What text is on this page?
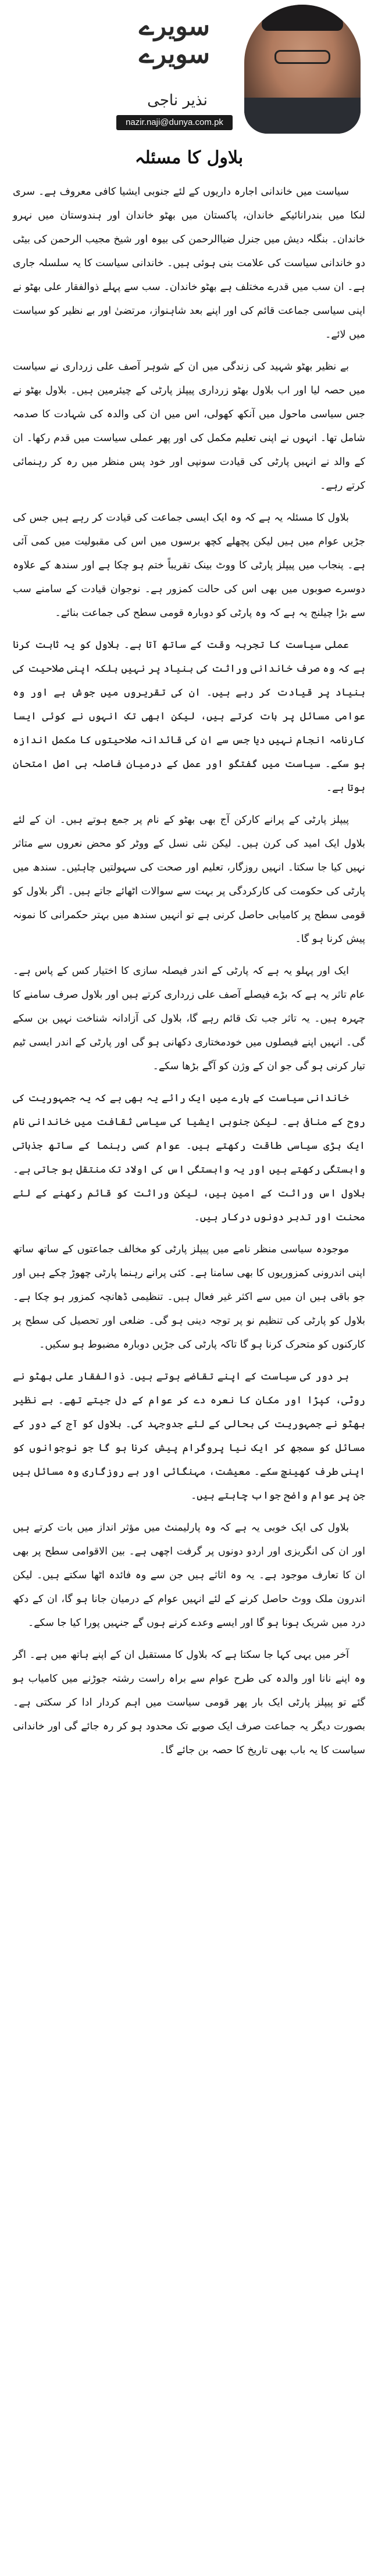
سویرے
سویرے
نذیر ناجی
nazir.naji@dunya.com.pk
بلاول کا مسئلہ

سیاست میں خاندانی اجارہ داریوں کے لئے جنوبی ایشیا کافی معروف ہے۔ سری لنکا میں بندرانائیکے خاندان، پاکستان میں بھٹو خاندان اور ہندوستان میں نہرو خاندان۔ بنگلہ دیش میں جنرل ضیاالرحمن کی بیوہ اور شیخ مجیب الرحمن کی بیٹی دو خاندانی سیاست کی علامت بنی ہوئی ہیں۔ خاندانی سیاست کا یہ سلسلہ جاری ہے۔ ان سب میں قدرے مختلف ہے بھٹو خاندان۔ سب سے پہلے ذوالفقار علی بھٹو نے اپنی سیاسی جماعت قائم کی اور اپنے بعد شاہنواز، مرتضیٰ اور بے نظیر کو سیاست میں لائے۔

بے نظیر بھٹو شہید کی زندگی میں ان کے شوہر آصف علی زرداری نے سیاست میں حصہ لیا اور اب بلاول بھٹو زرداری پیپلز پارٹی کے چیئرمین ہیں۔ بلاول بھٹو نے جس سیاسی ماحول میں آنکھ کھولی، اس میں ان کی والدہ کی شہادت کا صدمہ شامل تھا۔ انہوں نے اپنی تعلیم مکمل کی اور پھر عملی سیاست میں قدم رکھا۔ ان کے والد نے انہیں پارٹی کی قیادت سونپی اور خود پس منظر میں رہ کر رہنمائی کرتے رہے۔

بلاول کا مسئلہ یہ ہے کہ وہ ایک ایسی جماعت کی قیادت کر رہے ہیں جس کی جڑیں عوام میں ہیں لیکن پچھلے کچھ برسوں میں اس کی مقبولیت میں کمی آئی ہے۔ پنجاب میں پیپلز پارٹی کا ووٹ بینک تقریباً ختم ہو چکا ہے اور سندھ کے علاوہ دوسرے صوبوں میں بھی اس کی حالت کمزور ہے۔ نوجوان قیادت کے سامنے سب سے بڑا چیلنج یہ ہے کہ وہ پارٹی کو دوبارہ قومی سطح کی جماعت بنائے۔

عملی سیاست کا تجربہ وقت کے ساتھ آتا ہے۔ بلاول کو یہ ثابت کرنا ہے کہ وہ صرف خاندانی وراثت کی بنیاد پر نہیں بلکہ اپنی صلاحیت کی بنیاد پر قیادت کر رہے ہیں۔ ان کی تقریروں میں جوش ہے اور وہ عوامی مسائل پر بات کرتے ہیں، لیکن ابھی تک انہوں نے کوئی ایسا کارنامہ انجام نہیں دیا جس سے ان کی قائدانہ صلاحیتوں کا مکمل اندازہ ہو سکے۔ سیاست میں گفتگو اور عمل کے درمیان فاصلہ ہی اصل امتحان ہوتا ہے۔

پیپلز پارٹی کے پرانے کارکن آج بھی بھٹو کے نام پر جمع ہوتے ہیں۔ ان کے لئے بلاول ایک امید کی کرن ہیں۔ لیکن نئی نسل کے ووٹر کو محض نعروں سے متاثر نہیں کیا جا سکتا۔ انہیں روزگار، تعلیم اور صحت کی سہولتیں چاہئیں۔ سندھ میں پارٹی کی حکومت کی کارکردگی پر بہت سے سوالات اٹھائے جاتے ہیں۔ اگر بلاول کو قومی سطح پر کامیابی حاصل کرنی ہے تو انہیں سندھ میں بہتر حکمرانی کا نمونہ پیش کرنا ہو گا۔

ایک اور پہلو یہ ہے کہ پارٹی کے اندر فیصلہ سازی کا اختیار کس کے پاس ہے۔ عام تاثر یہ ہے کہ بڑے فیصلے آصف علی زرداری کرتے ہیں اور بلاول صرف سامنے کا چہرہ ہیں۔ یہ تاثر جب تک قائم رہے گا، بلاول کی آزادانہ شناخت نہیں بن سکے گی۔ انہیں اپنے فیصلوں میں خودمختاری دکھانی ہو گی اور پارٹی کے اندر ایسی ٹیم تیار کرنی ہو گی جو ان کے وژن کو آگے بڑھا سکے۔

خاندانی سیاست کے بارے میں ایک رائے یہ بھی ہے کہ یہ جمہوریت کی روح کے منافی ہے۔ لیکن جنوبی ایشیا کی سیاسی ثقافت میں خاندانی نام ایک بڑی سیاسی طاقت رکھتے ہیں۔ عوام کسی رہنما کے ساتھ جذباتی وابستگی رکھتے ہیں اور یہ وابستگی اس کی اولاد تک منتقل ہو جاتی ہے۔ بلاول اس وراثت کے امین ہیں، لیکن وراثت کو قائم رکھنے کے لئے محنت اور تدبر دونوں درکار ہیں۔

موجودہ سیاسی منظر نامے میں پیپلز پارٹی کو مخالف جماعتوں کے ساتھ ساتھ اپنی اندرونی کمزوریوں کا بھی سامنا ہے۔ کئی پرانے رہنما پارٹی چھوڑ چکے ہیں اور جو باقی ہیں ان میں سے اکثر غیر فعال ہیں۔ تنظیمی ڈھانچہ کمزور ہو چکا ہے۔ بلاول کو پارٹی کی تنظیم نو پر توجہ دینی ہو گی۔ ضلعی اور تحصیل کی سطح پر کارکنوں کو متحرک کرنا ہو گا تاکہ پارٹی کی جڑیں دوبارہ مضبوط ہو سکیں۔

ہر دور کی سیاست کے اپنے تقاضے ہوتے ہیں۔ ذوالفقار علی بھٹو نے روٹی، کپڑا اور مکان کا نعرہ دے کر عوام کے دل جیتے تھے۔ بے نظیر بھٹو نے جمہوریت کی بحالی کے لئے جدوجہد کی۔ بلاول کو آج کے دور کے مسائل کو سمجھ کر ایک نیا پروگرام پیش کرنا ہو گا جو نوجوانوں کو اپنی طرف کھینچ سکے۔ معیشت، مہنگائی اور بے روزگاری وہ مسائل ہیں جن پر عوام واضح جواب چاہتے ہیں۔

بلاول کی ایک خوبی یہ ہے کہ وہ پارلیمنٹ میں مؤثر انداز میں بات کرتے ہیں اور ان کی انگریزی اور اردو دونوں پر گرفت اچھی ہے۔ بین الاقوامی سطح پر بھی ان کا تعارف موجود ہے۔ یہ وہ اثاثے ہیں جن سے وہ فائدہ اٹھا سکتے ہیں۔ لیکن اندرون ملک ووٹ حاصل کرنے کے لئے انہیں عوام کے درمیان جانا ہو گا، ان کے دکھ درد میں شریک ہونا ہو گا اور ایسے وعدے کرنے ہوں گے جنہیں پورا کیا جا سکے۔

آخر میں یہی کہا جا سکتا ہے کہ بلاول کا مستقبل ان کے اپنے ہاتھ میں ہے۔ اگر وہ اپنے نانا اور والدہ کی طرح عوام سے براہ راست رشتہ جوڑنے میں کامیاب ہو گئے تو پیپلز پارٹی ایک بار پھر قومی سیاست میں اہم کردار ادا کر سکتی ہے۔ بصورت دیگر یہ جماعت صرف ایک صوبے تک محدود ہو کر رہ جائے گی اور خاندانی سیاست کا یہ باب بھی تاریخ کا حصہ بن جائے گا۔
